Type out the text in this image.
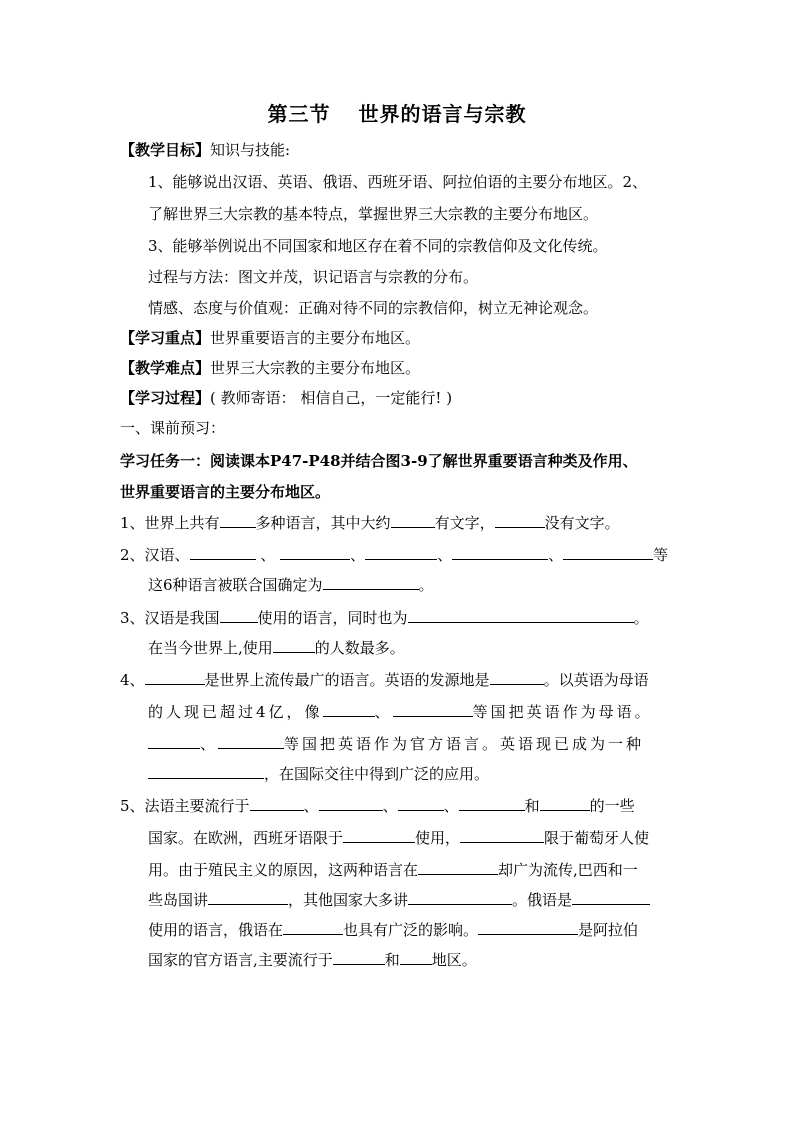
第三节 世界的语言与宗教
【教学目标】知识与技能:
1、能够说出汉语、英语、俄语、西班牙语、阿拉伯语的主要分布地区。2、
了解世界三大宗教的基本特点，掌握世界三大宗教的主要分布地区。
3、能够举例说出不同国家和地区存在着不同的宗教信仰及文化传统。
过程与方法：图文并茂，识记语言与宗教的分布。
情感、态度与价值观：正确对待不同的宗教信仰，树立无神论观念。
【学习重点】世界重要语言的主要分布地区。
【教学难点】世界三大宗教的主要分布地区。
【学习过程】( 教师寄语： 相信自己，一定能行! )
一、课前预习：
学习任务一：阅读课本P47-P48并结合图3-9了解世界重要语言种类及作用、
世界重要语言的主要分布地区。
1、世界上共有 多种语言，其中大约	有文字，	没有文字。
2、汉语、	、	、	、	、	等
这6种语言被联合国确定为	。
3、汉语是我国	使用的语言，同时也为	。
在当今世界上,使用	的人数最多。
4、	是世界上流传最广的语言。英语的发源地是	。以英语为母语
的人现已超过4亿，像	、	等国把英语作为母语。
、	等国把英语作为官方语言。英语现已成为一种
，在国际交往中得到广泛的应用。
5、法语主要流行于	、	、	、	和	的一些
国家。在欧洲，西班牙语限于	使用，	限于葡萄牙人使
用。由于殖民主义的原因，这两种语言在	却广为流传,巴西和一
些岛国讲	，其他国家大多讲	。俄语是
使用的语言，俄语在	也具有广泛的影响。	是阿拉伯
国家的官方语言,主要流行于	和 地区。
